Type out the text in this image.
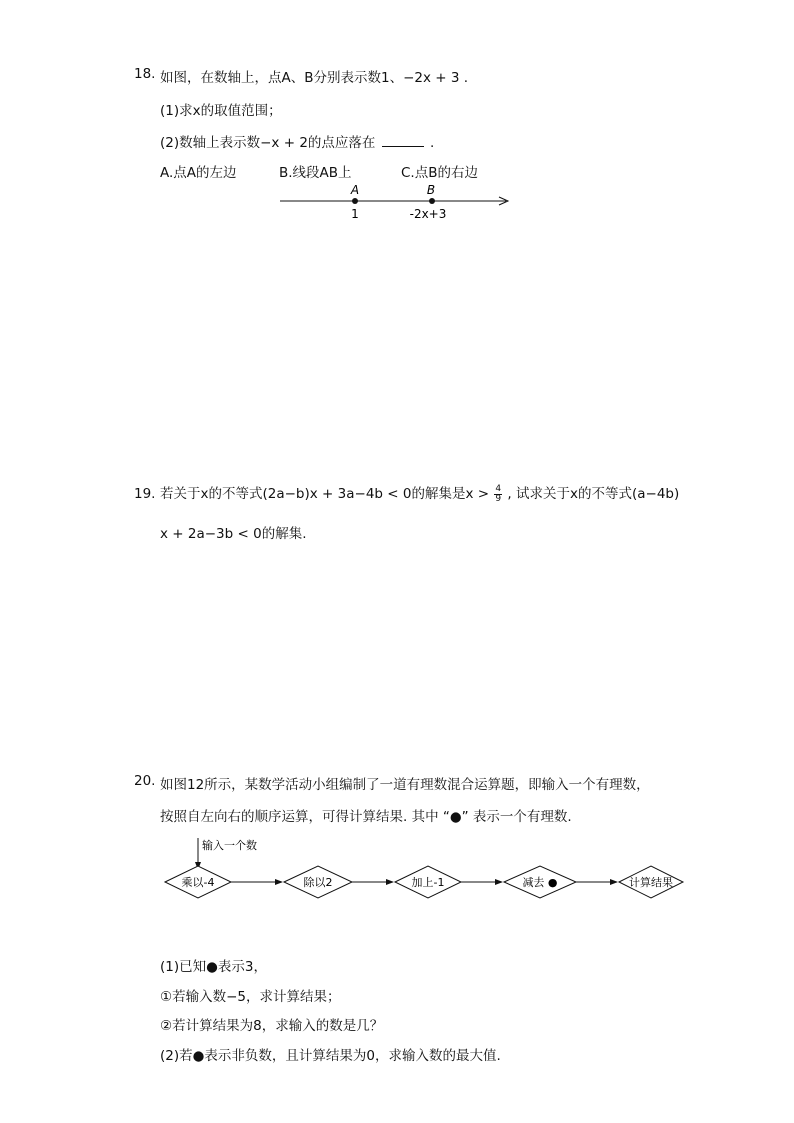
18. 如图，在数轴上，点A、B分别表示数1、−2x + 3 .
(1)求x的取值范围；
(2)数轴上表示数−x + 2的点应落在	.
A.点A的左边	B.线段AB上	C.点B的右边
A
1
B
-2x+3
19. 若关于x的不等式(2a−b)x + 3a−4b < 0的解集是$x > \frac{4}{9}$ , 试求关于x的不等式(a−4b)
x + 2a−3b < 0的解集.
20. 如图12所示，某数学活动小组编制了一道有理数混合运算题，即输入一个有理数，
按照自左向右的顺序运算，可得计算结果. 其中 “●” 表示一个有理数.
输入一个数
乘以-4	除以2	加上-1	减去 ●	计算结果
(1)已知●表示3，
①若输入数−5，求计算结果；
②若计算结果为8，求输入的数是几？
(2)若●表示非负数，且计算结果为0，求输入数的最大值.
